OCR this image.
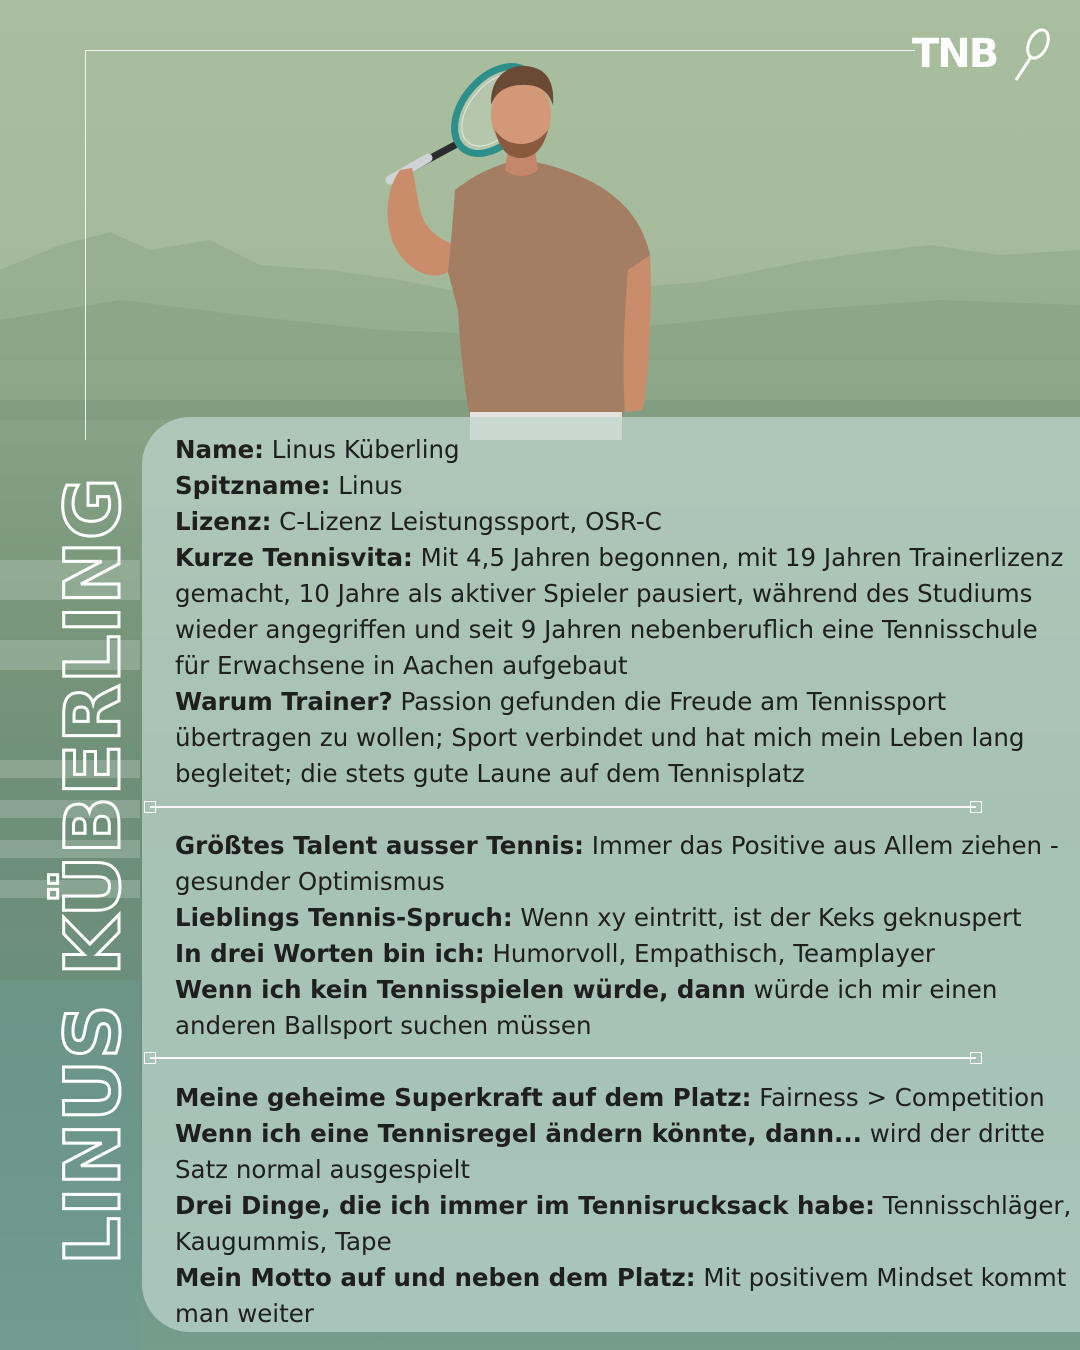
TNB
LINUS KÜBERLING

Name: Linus Küberling

Spitzname: Linus

Lizenz: C-Lizenz Leistungssport, OSR-C

Kurze Tennisvita: Mit 4,5 Jahren begonnen, mit 19 Jahren Trainerlizenz gemacht, 10 Jahre als aktiver Spieler pausiert, während des Studiums wieder angegriffen und seit 9 Jahren nebenberuflich eine Tennisschule für Erwachsene in Aachen aufgebaut

Warum Trainer? Passion gefunden die Freude am Tennissport übertragen zu wollen; Sport verbindet und hat mich mein Leben lang begleitet; die stets gute Laune auf dem Tennisplatz

Größtes Talent ausser Tennis: Immer das Positive aus Allem ziehen - gesunder Optimismus

Lieblings Tennis-Spruch: Wenn xy eintritt, ist der Keks geknuspert

In drei Worten bin ich: Humorvoll, Empathisch, Teamplayer

Wenn ich kein Tennisspielen würde, dann würde ich mir einen anderen Ballsport suchen müssen

Meine geheime Superkraft auf dem Platz: Fairness > Competition

Wenn ich eine Tennisregel ändern könnte, dann... wird der dritte Satz normal ausgespielt

Drei Dinge, die ich immer im Tennisrucksack habe: Tennisschläger, Kaugummis, Tape

Mein Motto auf und neben dem Platz: Mit positivem Mindset kommt man weiter
